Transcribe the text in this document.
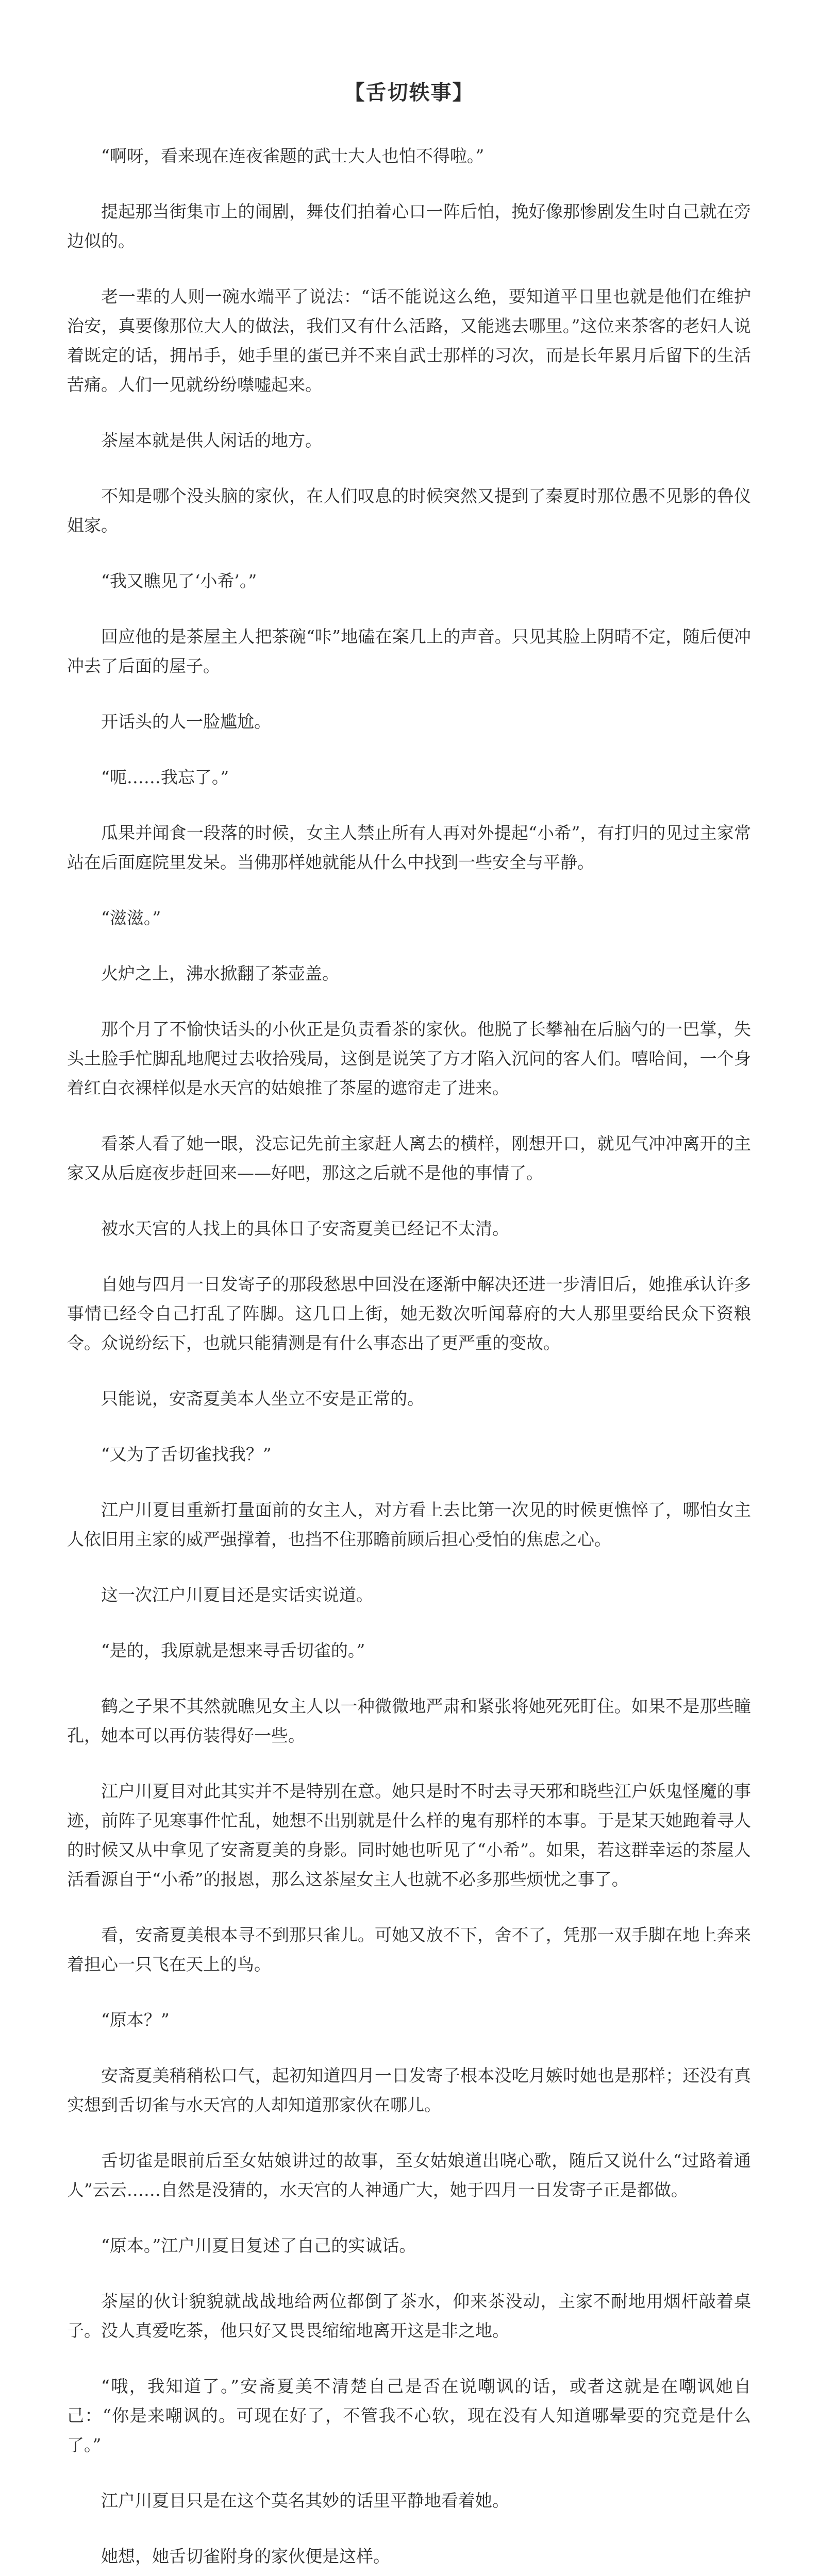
【舌切轶事】

“啊呀，看来现在连夜雀题的武士大人也怕不得啦。”

提起那当街集市上的闹剧，舞伎们拍着心口一阵后怕，挽好像那惨剧发生时自己就在旁边似的。

老一辈的人则一碗水端平了说法：“话不能说这么绝，要知道平日里也就是他们在维护治安，真要像那位大人的做法，我们又有什么活路，又能逃去哪里。”这位来茶客的老妇人说着既定的话，拥吊手，她手里的蛋已并不来自武士那样的习次，而是长年累月后留下的生活苦痛。人们一见就纷纷噤嘘起来。

茶屋本就是供人闲话的地方。

不知是哪个没头脑的家伙，在人们叹息的时候突然又提到了秦夏时那位愚不见影的鲁仪姐家。

“我又瞧见了‘小希’。”

回应他的是茶屋主人把茶碗“咔”地磕在案几上的声音。只见其脸上阴晴不定，随后便冲冲去了后面的屋子。

开话头的人一脸尴尬。

“呃……我忘了。”

瓜果并闻食一段落的时候，女主人禁止所有人再对外提起“小希”，有打归的见过主家常站在后面庭院里发呆。当佛那样她就能从什么中找到一些安全与平静。

“滋滋。”

火炉之上，沸水掀翻了茶壶盖。

那个月了不愉快话头的小伙正是负责看茶的家伙。他脱了长攀袖在后脑勺的一巴掌，失头土脸手忙脚乱地爬过去收拾残局，这倒是说笑了方才陷入沉问的客人们。嘻哈间，一个身着红白衣裸样似是水天宫的姑娘推了茶屋的遮帘走了进来。

看茶人看了她一眼，没忘记先前主家赶人离去的横样，刚想开口，就见气冲冲离开的主家又从后庭夜步赶回来——好吧，那这之后就不是他的事情了。

被水天宫的人找上的具体日子安斋夏美已经记不太清。

自她与四月一日发寄子的那段愁思中回没在逐渐中解决还进一步清旧后，她推承认许多事情已经令自己打乱了阵脚。这几日上街，她无数次听闻幕府的大人那里要给民众下资粮令。众说纷纭下，也就只能猜测是有什么事态出了更严重的变故。

只能说，安斋夏美本人坐立不安是正常的。

“又为了舌切雀找我？”

江户川夏目重新打量面前的女主人，对方看上去比第一次见的时候更憔悴了，哪怕女主人依旧用主家的威严强撑着，也挡不住那瞻前顾后担心受怕的焦虑之心。

这一次江户川夏目还是实话实说道。

“是的，我原就是想来寻舌切雀的。”

鹤之子果不其然就瞧见女主人以一种微微地严肃和紧张将她死死盯住。如果不是那些瞳孔，她本可以再仿装得好一些。

江户川夏目对此其实并不是特别在意。她只是时不时去寻天邪和晓些江户妖鬼怪魔的事迹，前阵子见寒事件忙乱，她想不出别就是什么样的鬼有那样的本事。于是某天她跑着寻人的时候又从中拿见了安斋夏美的身影。同时她也听见了“小希”。如果，若这群幸运的茶屋人活看源自于“小希”的报恩，那么这茶屋女主人也就不必多那些烦忧之事了。

看，安斋夏美根本寻不到那只雀儿。可她又放不下，舍不了，凭那一双手脚在地上奔来着担心一只飞在天上的鸟。

“原本？”

安斋夏美稍稍松口气，起初知道四月一日发寄子根本没吃月嫉时她也是那样；还没有真实想到舌切雀与水天宫的人却知道那家伙在哪儿。

舌切雀是眼前后至女姑娘讲过的故事，至女姑娘道出晓心歌，随后又说什么“过路着通人”云云……自然是没猜的，水天宫的人神通广大，她于四月一日发寄子正是都做。

“原本。”江户川夏目复述了自己的实诚话。

茶屋的伙计貌貌就战战地给两位都倒了茶水，仰来茶没动，主家不耐地用烟杆敲着桌子。没人真爱吃茶，他只好又畏畏缩缩地离开这是非之地。

“哦，我知道了。”安斋夏美不清楚自己是否在说嘲讽的话，或者这就是在嘲讽她自己：“你是来嘲讽的。可现在好了，不管我不心软，现在没有人知道哪晕要的究竟是什么了。”

江户川夏目只是在这个莫名其妙的话里平静地看着她。

她想，她舌切雀附身的家伙便是这样。
